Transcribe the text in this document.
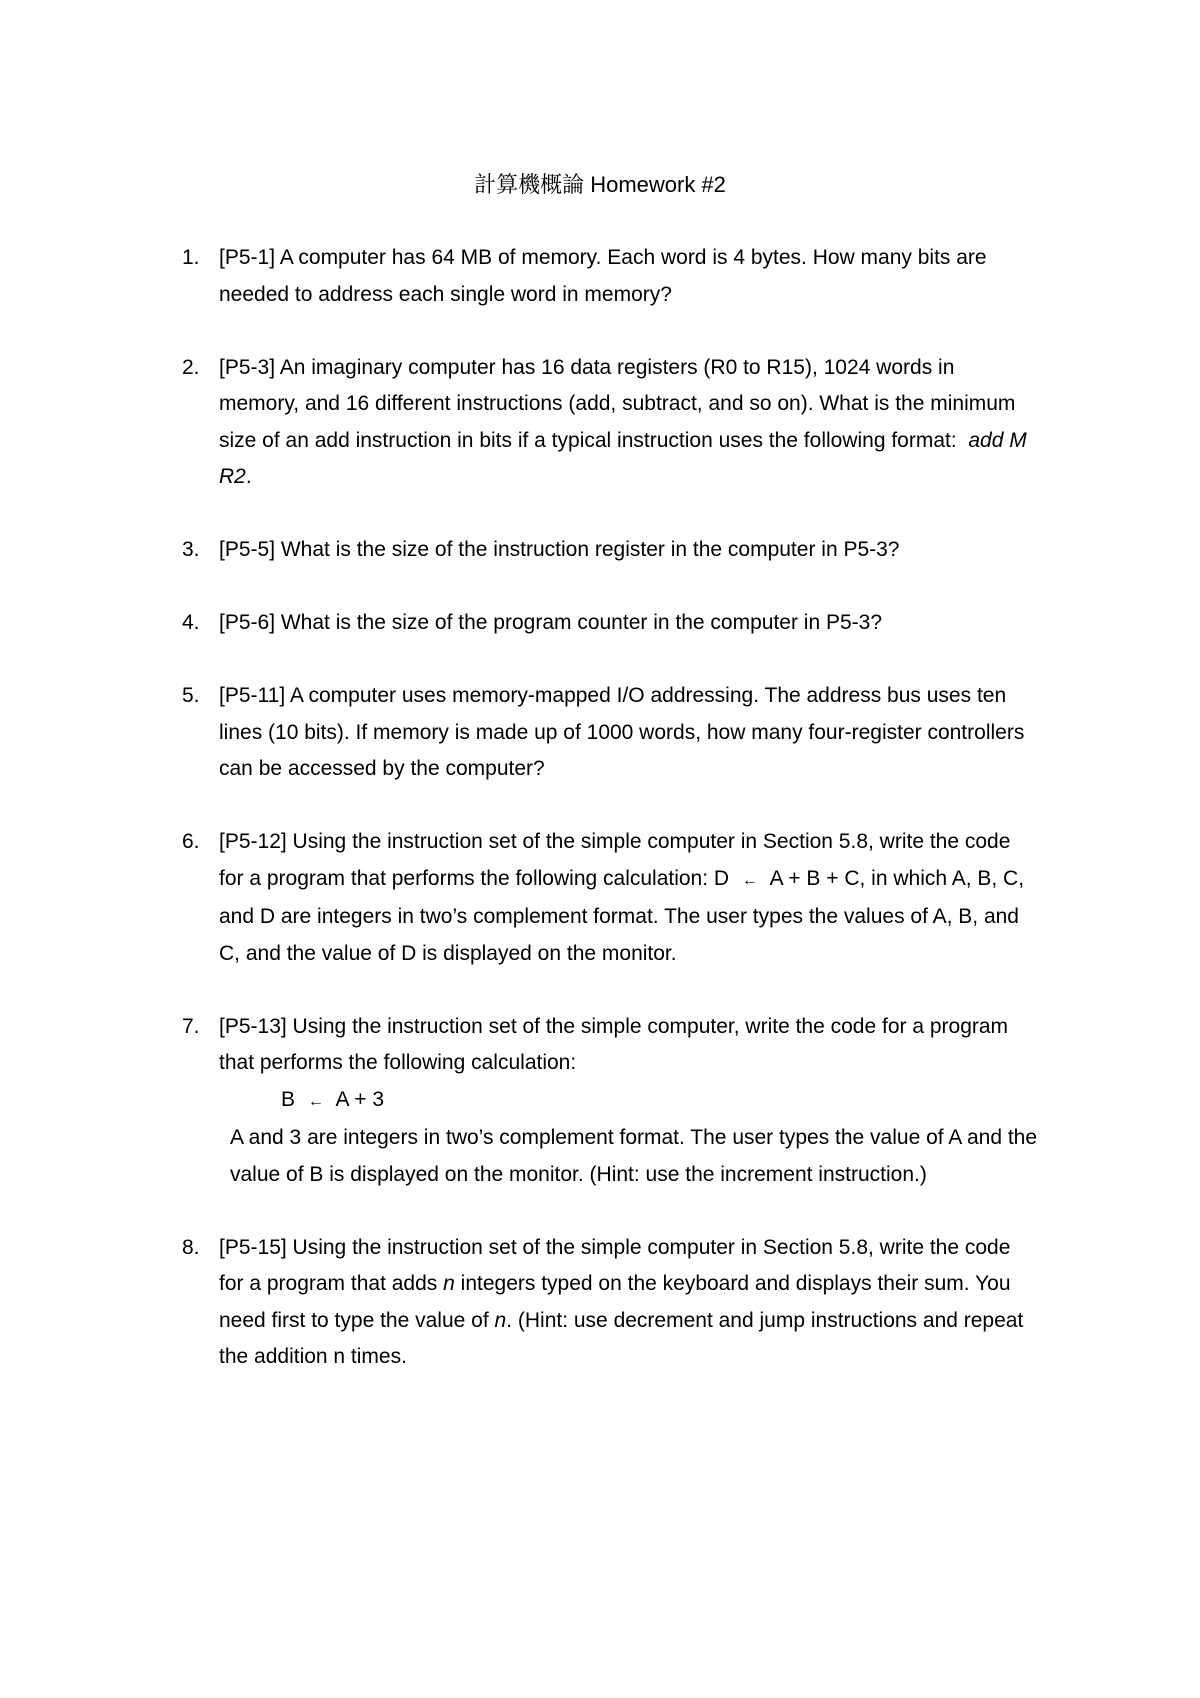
計算機概論 Homework #2
1. [P5-1] A computer has 64 MB of memory. Each word is 4 bytes. How many bits are needed to address each single word in memory?
2. [P5-3] An imaginary computer has 16 data registers (R0 to R15), 1024 words in memory, and 16 different instructions (add, subtract, and so on). What is the minimum size of an add instruction in bits if a typical instruction uses the following format: add M R2.
3. [P5-5] What is the size of the instruction register in the computer in P5-3?
4. [P5-6] What is the size of the program counter in the computer in P5-3?
5. [P5-11] A computer uses memory-mapped I/O addressing. The address bus uses ten lines (10 bits). If memory is made up of 1000 words, how many four-register controllers can be accessed by the computer?
6. [P5-12] Using the instruction set of the simple computer in Section 5.8, write the code for a program that performs the following calculation: D ← A + B + C, in which A, B, C, and D are integers in two’s complement format. The user types the values of A, B, and C, and the value of D is displayed on the monitor.
7. [P5-13] Using the instruction set of the simple computer, write the code for a program that performs the following calculation:
B ← A + 3
A and 3 are integers in two’s complement format. The user types the value of A and the value of B is displayed on the monitor. (Hint: use the increment instruction.)
8. [P5-15] Using the instruction set of the simple computer in Section 5.8, write the code for a program that adds n integers typed on the keyboard and displays their sum. You need first to type the value of n. (Hint: use decrement and jump instructions and repeat the addition n times.
